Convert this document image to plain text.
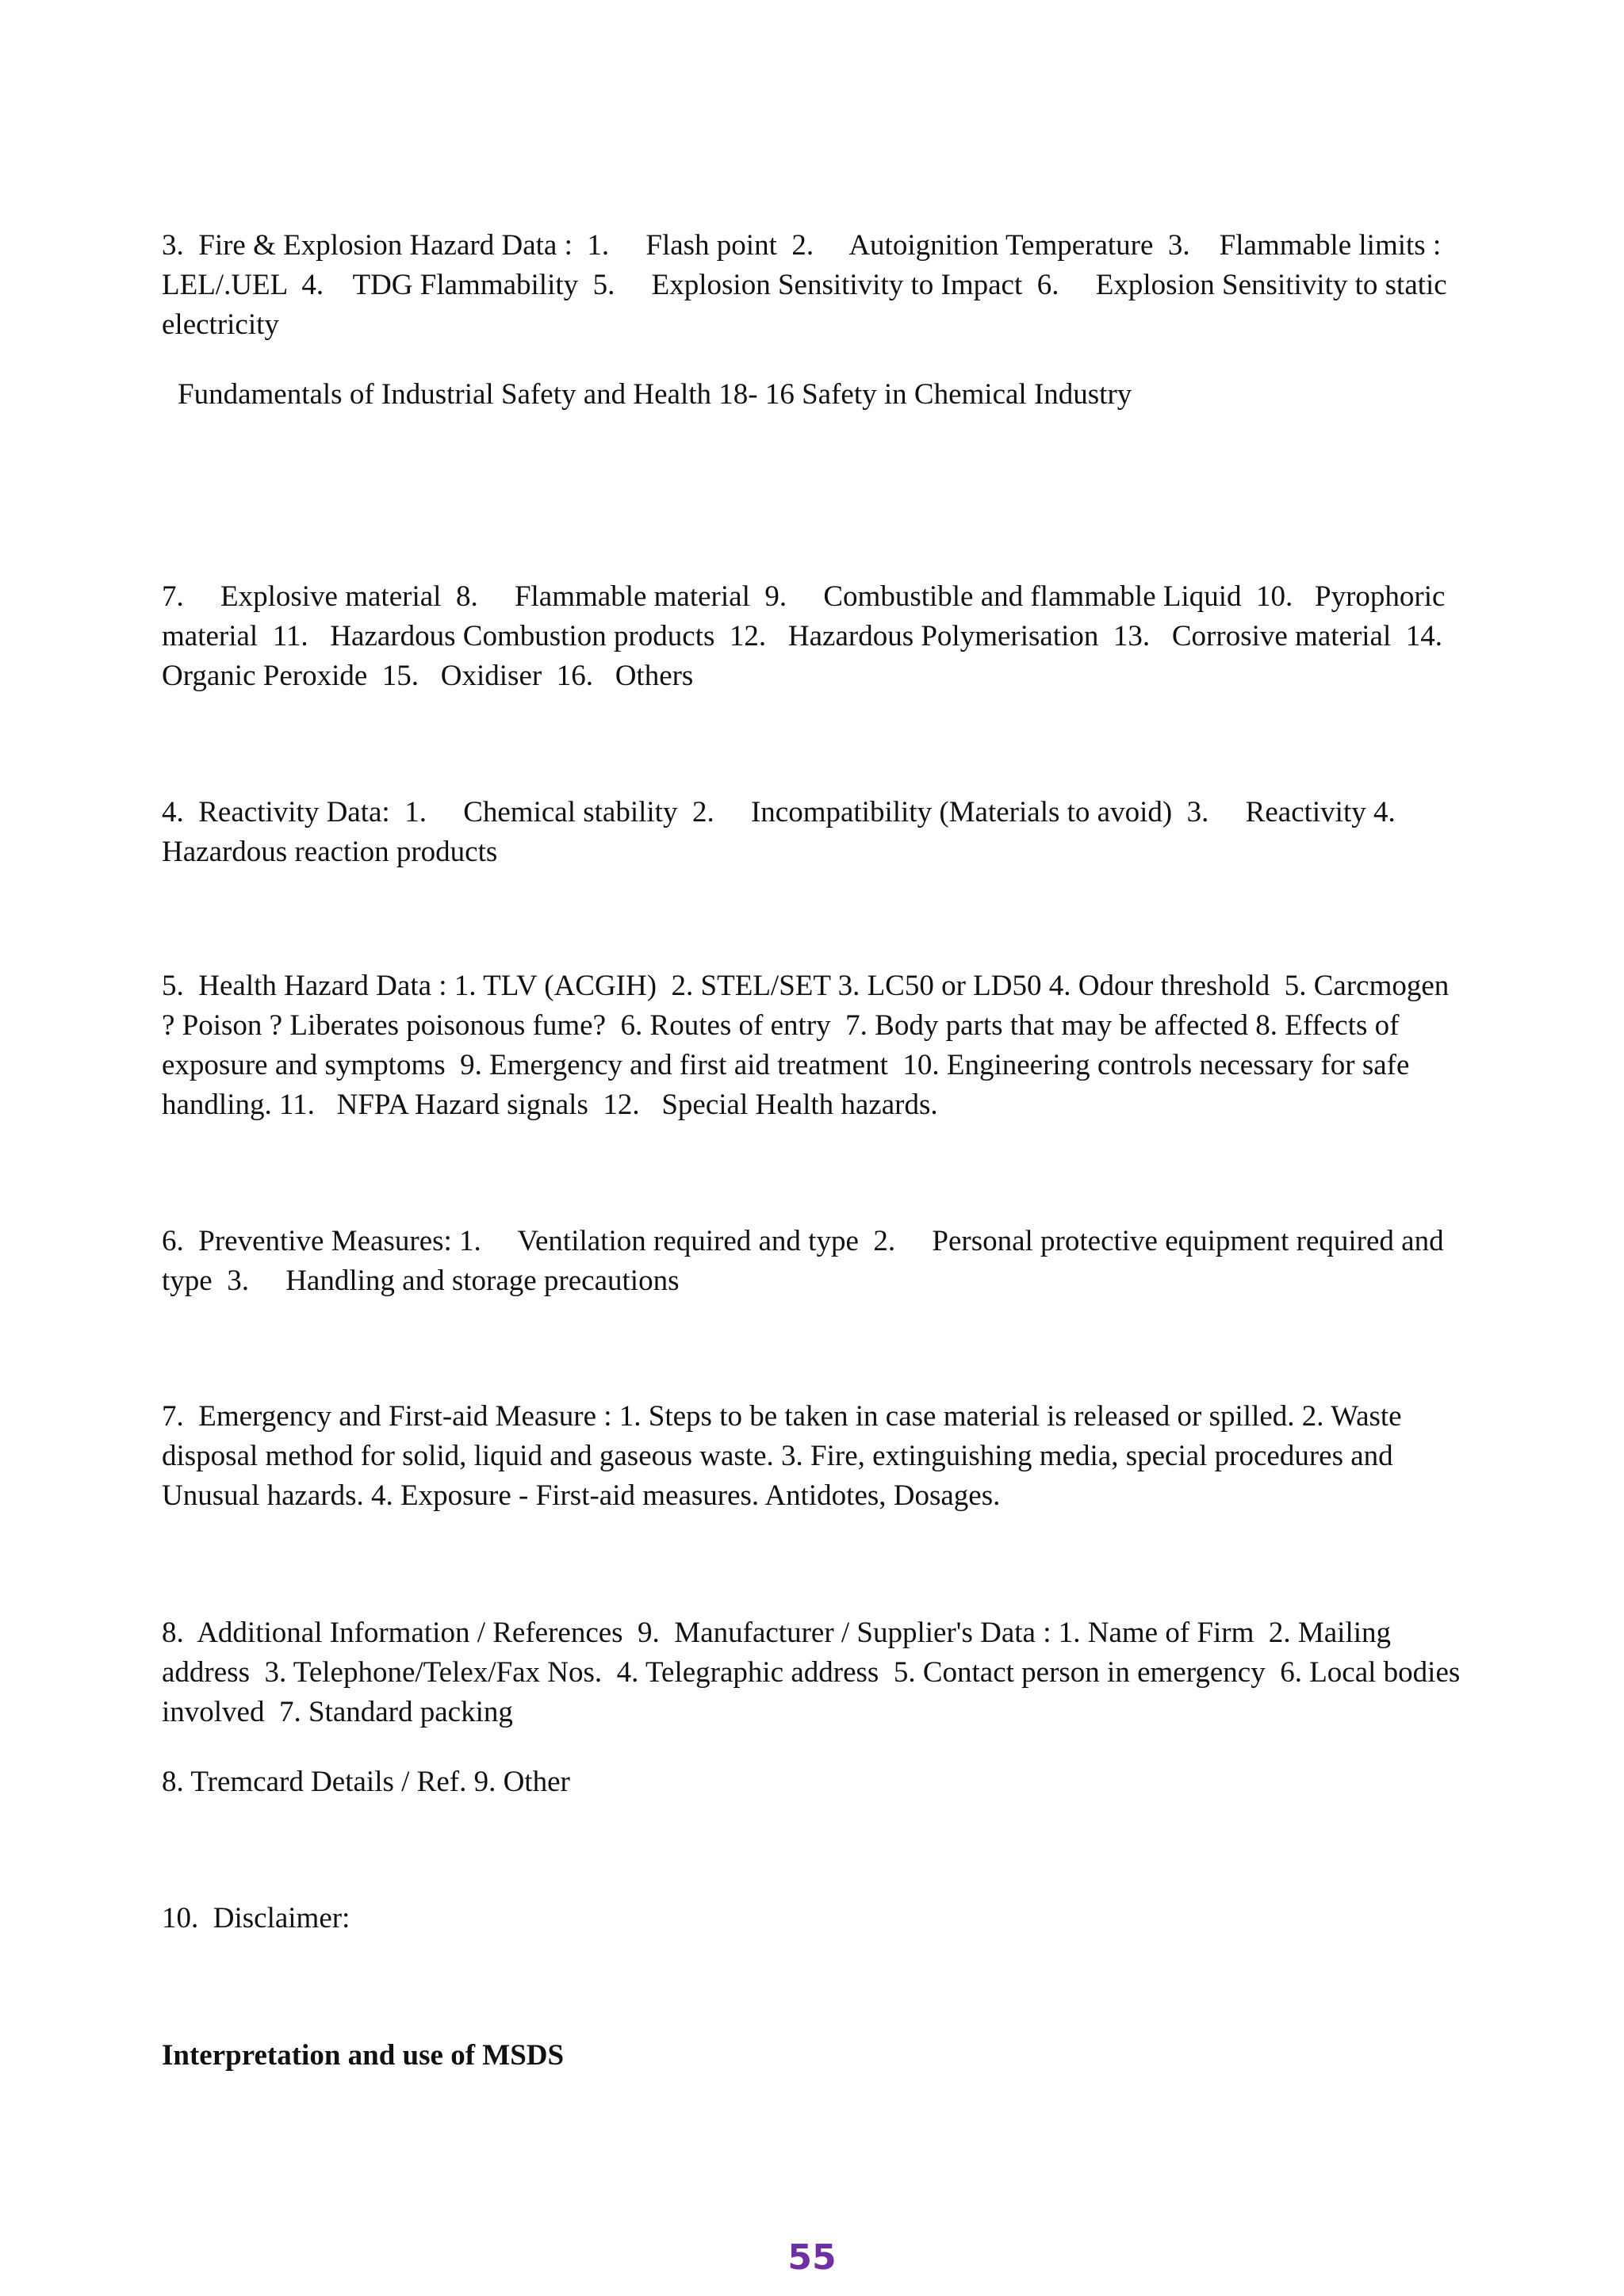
3.  Fire & Explosion Hazard Data :  1.     Flash point  2.     Autoignition Temperature  3.    Flammable limits : LEL/.UEL  4.    TDG Flammability  5.     Explosion Sensitivity to Impact  6.     Explosion Sensitivity to static electricity

Fundamentals of Industrial Safety and Health 18- 16 Safety in Chemical Industry

7.     Explosive material  8.     Flammable material  9.     Combustible and flammable Liquid  10.   Pyrophoric material  11.   Hazardous Combustion products  12.   Hazardous Polymerisation  13.   Corrosive material  14.   Organic Peroxide  15.   Oxidiser  16.   Others

4.  Reactivity Data:  1.     Chemical stability  2.     Incompatibility (Materials to avoid)  3.     Reactivity 4.   Hazardous reaction products

5.  Health Hazard Data : 1. TLV (ACGIH)  2. STEL/SET 3. LC50 or LD50 4. Odour threshold  5. Carcmogen ? Poison ? Liberates poisonous fume?  6. Routes of entry  7. Body parts that may be affected 8. Effects of exposure and symptoms  9. Emergency and first aid treatment  10. Engineering controls necessary for safe handling. 11.   NFPA Hazard signals  12.   Special Health hazards.

6.  Preventive Measures: 1.     Ventilation required and type  2.     Personal protective equipment required and type  3.     Handling and storage precautions

7.  Emergency and First-aid Measure : 1. Steps to be taken in case material is released or spilled. 2. Waste disposal method for solid, liquid and gaseous waste. 3. Fire, extinguishing media, special procedures and Unusual hazards. 4. Exposure - First-aid measures. Antidotes, Dosages.

8.  Additional Information / References  9.  Manufacturer / Supplier's Data : 1. Name of Firm  2. Mailing address  3. Telephone/Telex/Fax Nos.  4. Telegraphic address  5. Contact person in emergency  6. Local bodies involved  7. Standard packing

8. Tremcard Details / Ref. 9. Other

10.  Disclaimer:

Interpretation and use of MSDS

55
